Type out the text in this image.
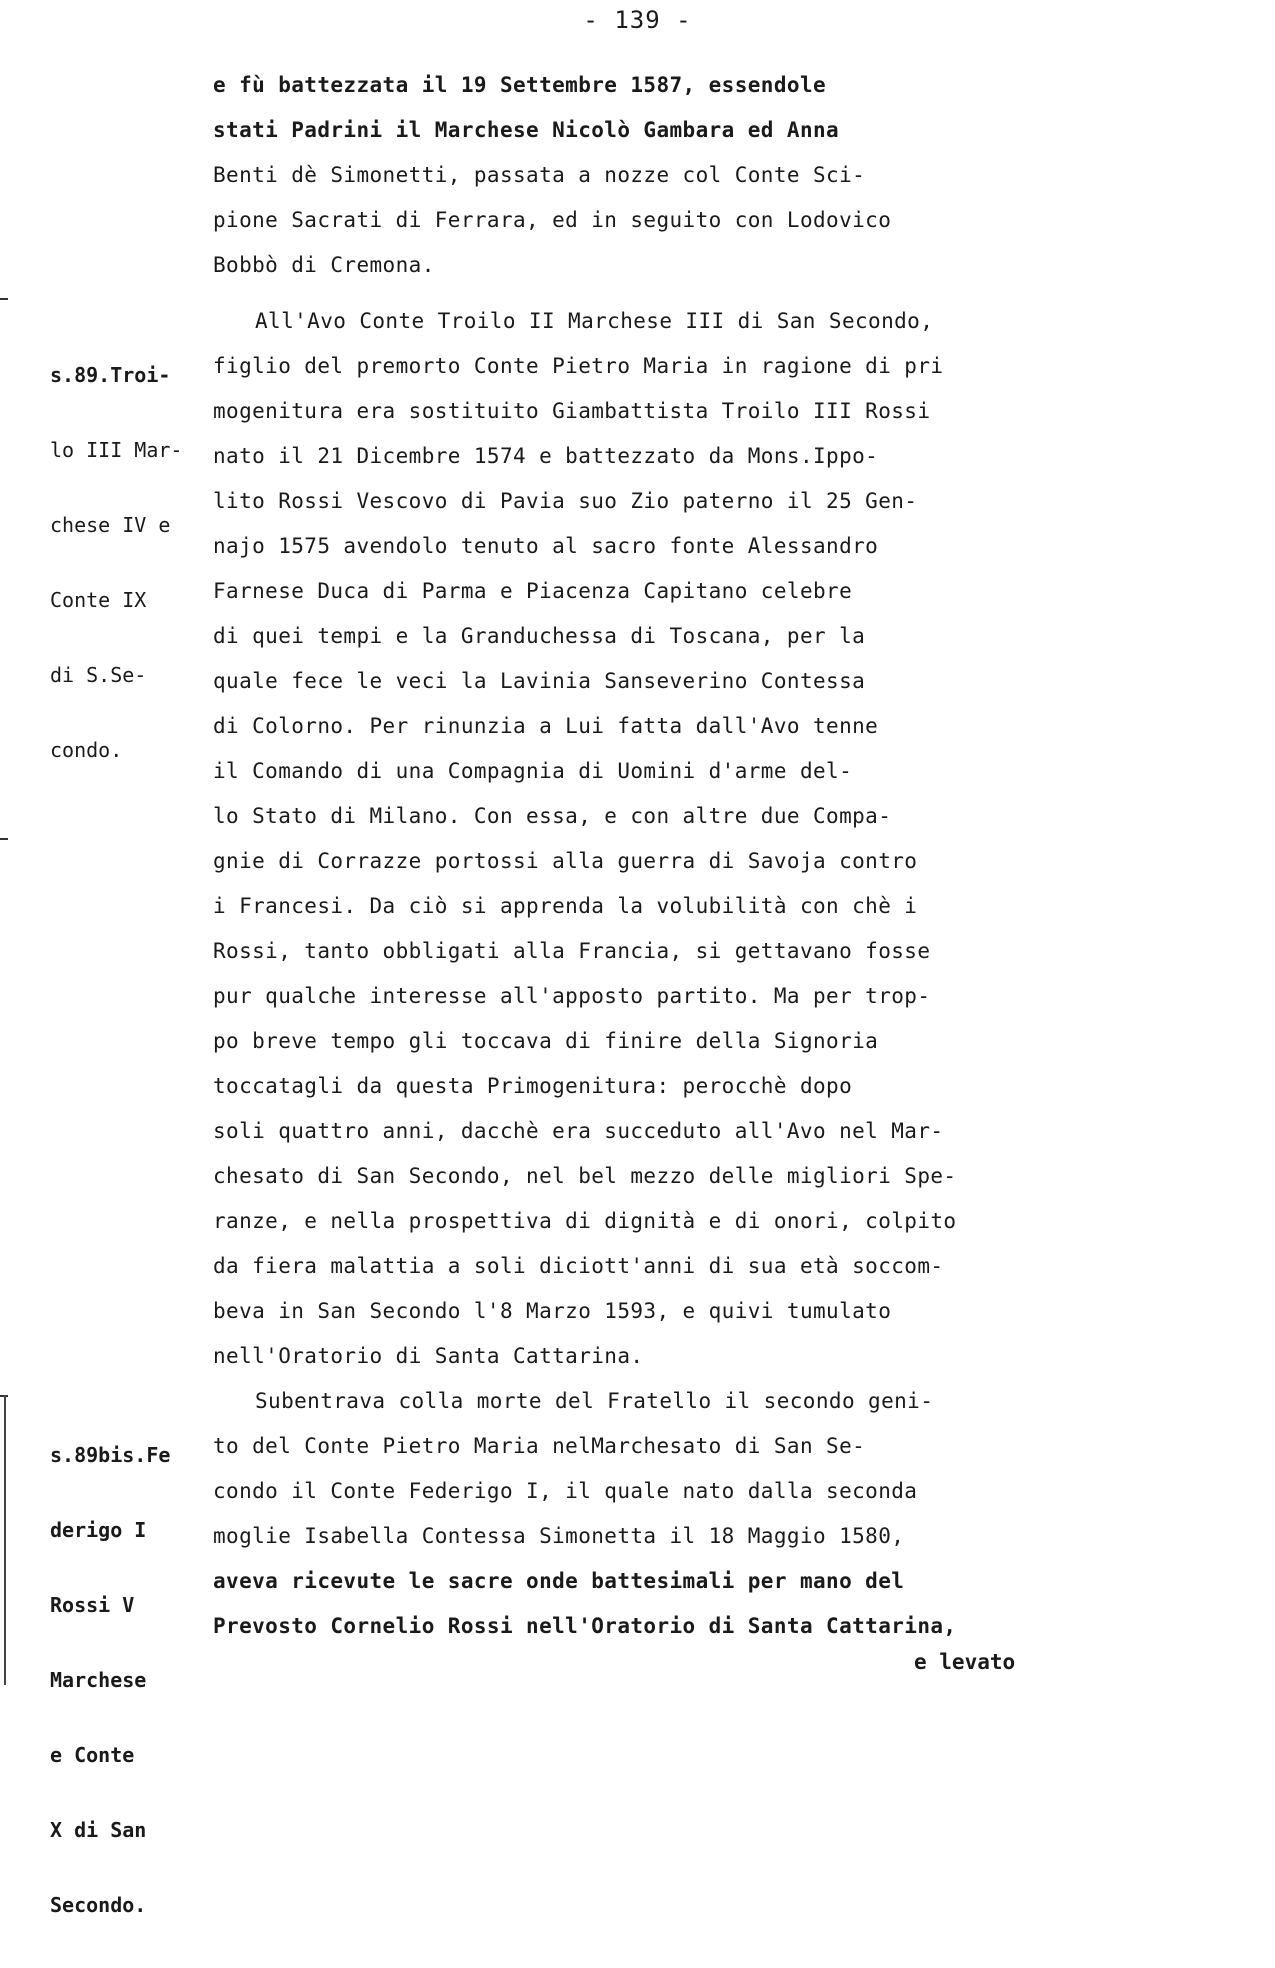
- 139 -
e fù battezzata il 19 Settembre 1587, essendole
stati Padrini il Marchese Nicolò Gambara ed Anna
Benti dè Simonetti, passata a nozze col Conte Sci-
pione Sacrati di Ferrara, ed in seguito con Lodovico
Bobbò di Cremona.

s.89.Troi-

lo III Mar-

chese IV e

Conte IX

di S.Se-

condo.

All'Avo Conte Troilo II Marchese III di San Secondo,
figlio del premorto Conte Pietro Maria in ragione di pri
mogenitura era sostituito Giambattista Troilo III Rossi
nato il 21 Dicembre 1574 e battezzato da Mons.Ippo-
lito Rossi Vescovo di Pavia suo Zio paterno il 25 Gen-
najo 1575 avendolo tenuto al sacro fonte Alessandro
Farnese Duca di Parma e Piacenza Capitano celebre
di quei tempi e la Granduchessa di Toscana, per la
quale fece le veci la Lavinia Sanseverino Contessa
di Colorno. Per rinunzia a Lui fatta dall'Avo tenne
il Comando di una Compagnia di Uomini d'arme del-
lo Stato di Milano. Con essa, e con altre due Compa-
gnie di Corrazze portossi alla guerra di Savoja contro
i Francesi. Da ciò si apprenda la volubilità con chè i
Rossi, tanto obbligati alla Francia, si gettavano fosse
pur qualche interesse all'apposto partito. Ma per trop-
po breve tempo gli toccava di finire della Signoria
toccatagli da questa Primogenitura: perocchè dopo
soli quattro anni, dacchè era succeduto all'Avo nel Mar-
chesato di San Secondo, nel bel mezzo delle migliori Spe-
ranze, e nella prospettiva di dignità e di onori, colpito
da fiera malattia a soli diciott'anni di sua età soccom-
beva in San Secondo l'8 Marzo 1593, e quivi tumulato
nell'Oratorio di Santa Cattarina.

s.89bis.Fe

derigo I

Rossi V

Marchese

e Conte

X di San

Secondo.

Subentrava colla morte del Fratello il secondo geni-
to del Conte Pietro Maria nelMarchesato di San Se-
condo il Conte Federigo I, il quale nato dalla seconda
moglie Isabella Contessa Simonetta il 18 Maggio 1580,
aveva ricevute le sacre onde battesimali per mano del
Prevosto Cornelio Rossi nell'Oratorio di Santa Cattarina,
e levato
